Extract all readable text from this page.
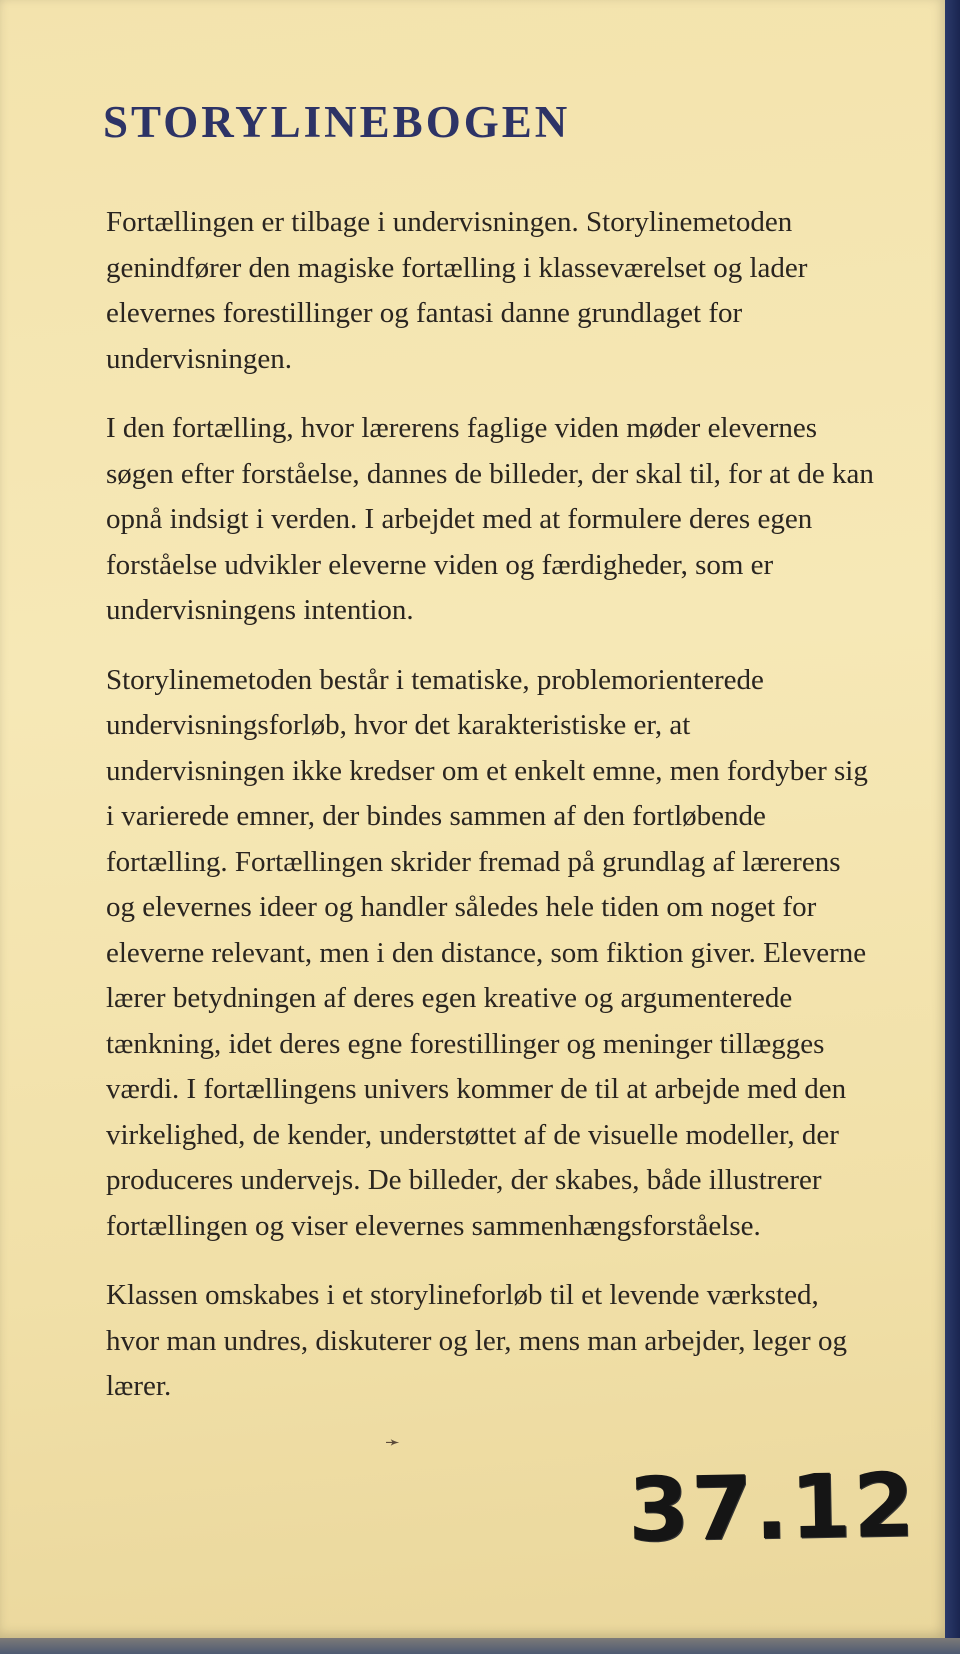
STORYLINEBOGEN

Fortællingen er tilbage i undervisningen. Storylinemetoden genindfører den magiske fortælling i klasseværelset og lader elevernes forestillinger og fantasi danne grundlaget for undervisningen.

I den fortælling, hvor lærerens faglige viden møder elevernes søgen efter forståelse, dannes de billeder, der skal til, for at de kan opnå indsigt i verden. I arbejdet med at formulere deres egen forståelse udvikler eleverne viden og færdigheder, som er undervisningens intention.

Storylinemetoden består i tematiske, problemorienterede undervisningsforløb, hvor det karakteristiske er, at undervisningen ikke kredser om et enkelt emne, men fordyber sig i varierede emner, der bindes sammen af den fortløbende fortælling. Fortællingen skrider fremad på grundlag af lærerens og elevernes ideer og handler således hele tiden om noget for eleverne relevant, men i den distance, som fiktion giver. Eleverne lærer betydningen af deres egen kreative og argumenterede tænkning, idet deres egne forestillinger og meninger tillægges værdi. I fortællingens univers kommer de til at arbejde med den virkelighed, de kender, understøttet af de visuelle modeller, der produceres undervejs. De billeder, der skabes, både illustrerer fortællingen og viser elevernes sammenhængsforståelse.

Klassen omskabes i et storylineforløb til et levende værksted, hvor man undres, diskuterer og ler, mens man arbejder, leger og lærer.

➛
37.12
